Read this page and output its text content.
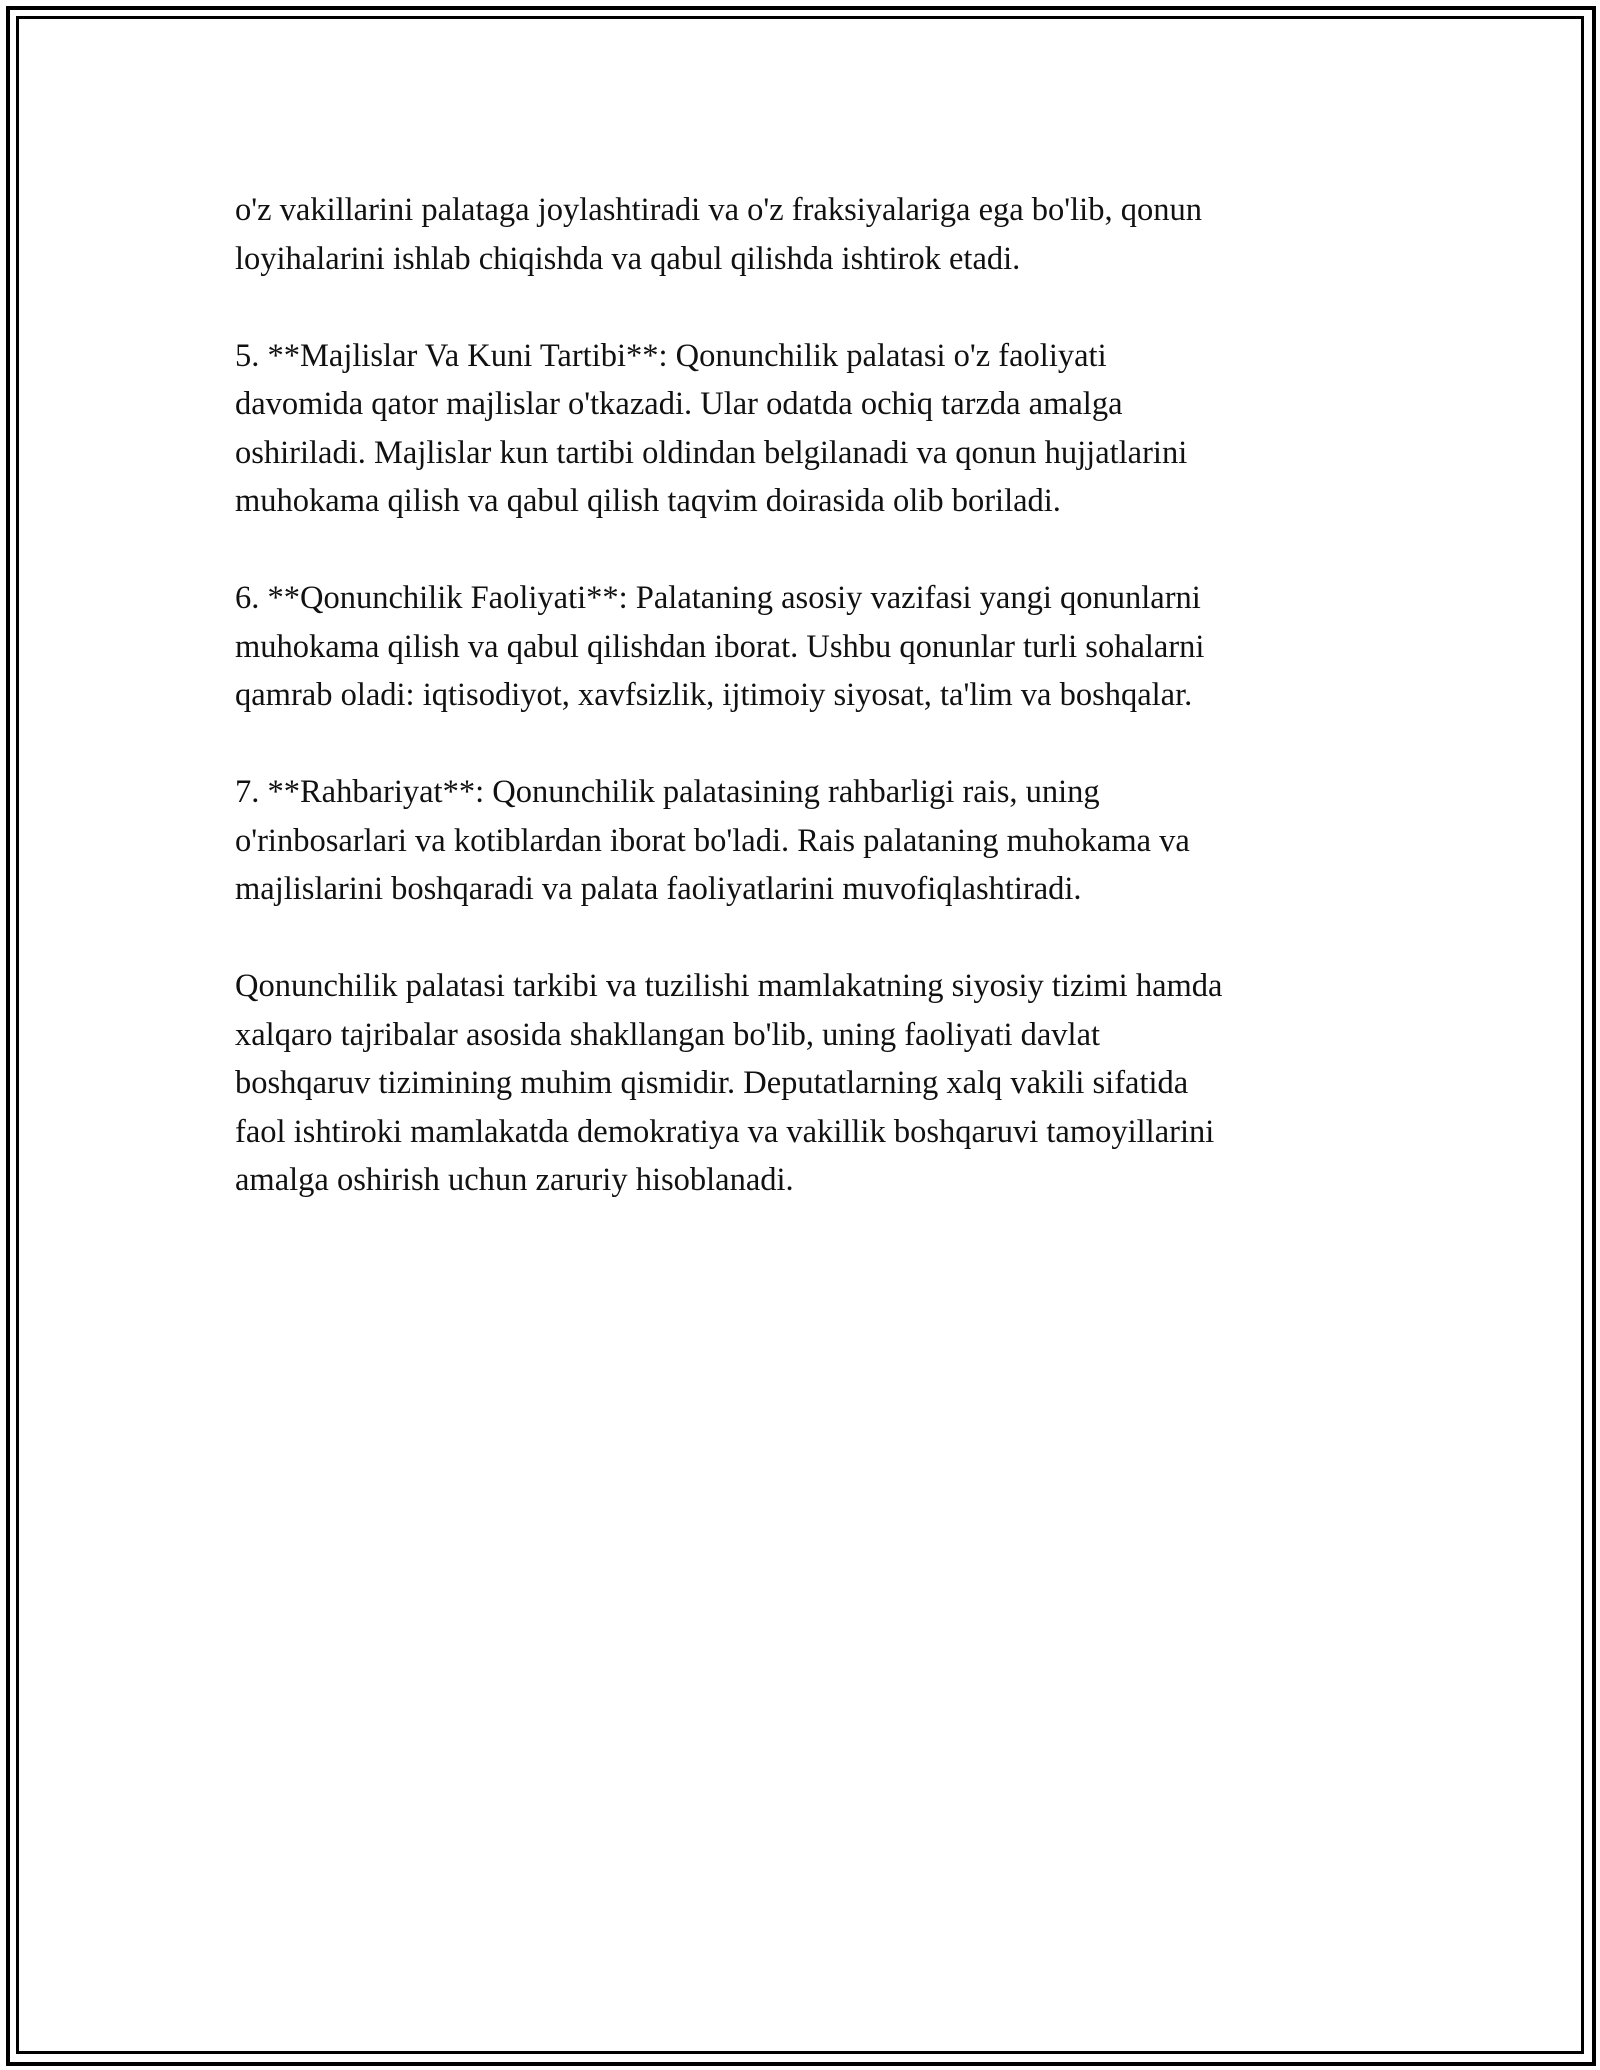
o'z vakillarini palataga joylashtiradi va o'z fraksiyalariga ega bo'lib, qonun
loyihalarini ishlab chiqishda va qabul qilishda ishtirok etadi.

5. **Majlislar Va Kuni Tartibi**: Qonunchilik palatasi o'z faoliyati
davomida qator majlislar o'tkazadi. Ular odatda ochiq tarzda amalga
oshiriladi. Majlislar kun tartibi oldindan belgilanadi va qonun hujjatlarini
muhokama qilish va qabul qilish taqvim doirasida olib boriladi.

6. **Qonunchilik Faoliyati**: Palataning asosiy vazifasi yangi qonunlarni
muhokama qilish va qabul qilishdan iborat. Ushbu qonunlar turli sohalarni
qamrab oladi: iqtisodiyot, xavfsizlik, ijtimoiy siyosat, ta'lim va boshqalar.

7. **Rahbariyat**: Qonunchilik palatasining rahbarligi rais, uning
o'rinbosarlari va kotiblardan iborat bo'ladi. Rais palataning muhokama va
majlislarini boshqaradi va palata faoliyatlarini muvofiqlashtiradi.

Qonunchilik palatasi tarkibi va tuzilishi mamlakatning siyosiy tizimi hamda
xalqaro tajribalar asosida shakllangan bo'lib, uning faoliyati davlat
boshqaruv tizimining muhim qismidir. Deputatlarning xalq vakili sifatida
faol ishtiroki mamlakatda demokratiya va vakillik boshqaruvi tamoyillarini
amalga oshirish uchun zaruriy hisoblanadi.
